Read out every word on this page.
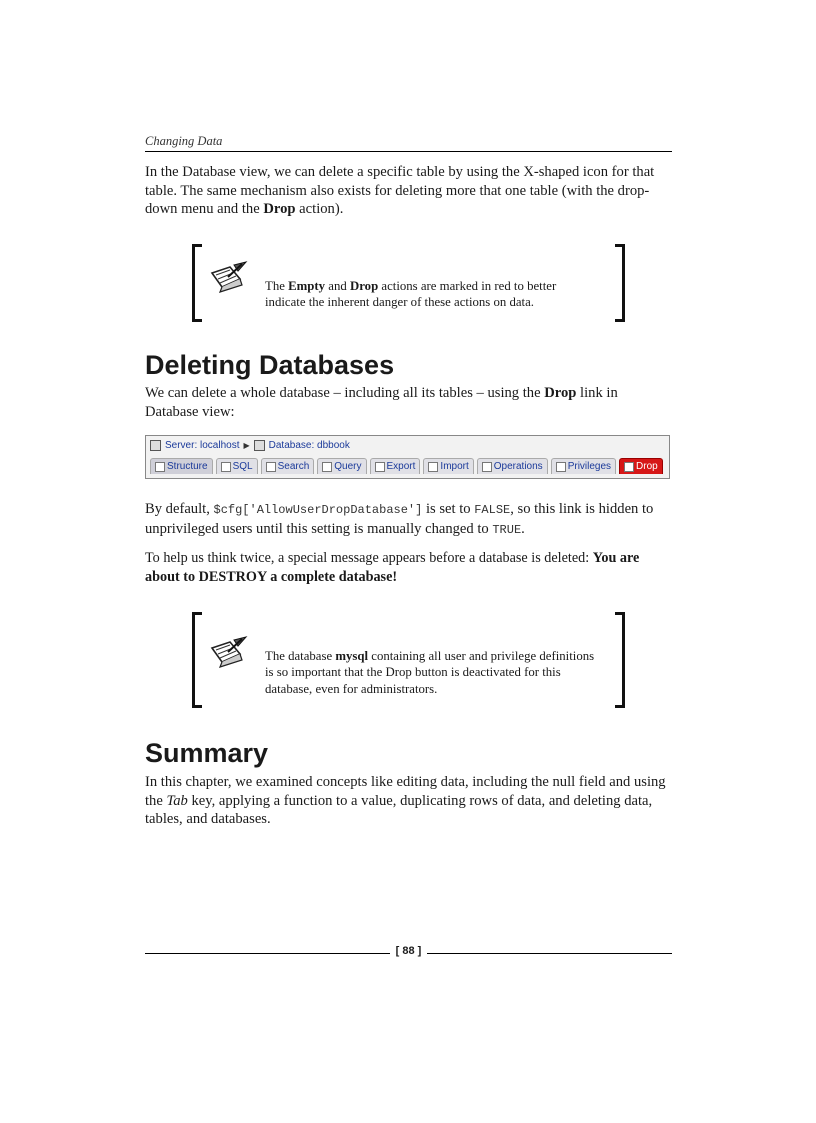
Changing Data

In the Database view, we can delete a specific table by using the X-shaped icon for that table. The same mechanism also exists for deleting more that one table (with the drop-down menu and the Drop action).

The Empty and Drop actions are marked in red to better indicate the inherent danger of these actions on data.

Deleting Databases

We can delete a whole database – including all its tables – using the Drop link in Database view:

Server: localhost ▶ Database: dbbook
Structure	SQL	Search	Query	Export	Import	Operations	Privileges	Drop

By default, $cfg['AllowUserDropDatabase'] is set to FALSE, so this link is hidden to unprivileged users until this setting is manually changed to TRUE.

To help us think twice, a special message appears before a database is deleted: You are about to DESTROY a complete database!

The database mysql containing all user and privilege definitions is so important that the Drop button is deactivated for this database, even for administrators.

Summary

In this chapter, we examined concepts like editing data, including the null field and using the Tab key, applying a function to a value, duplicating rows of data, and deleting data, tables, and databases.

[ 88 ]
